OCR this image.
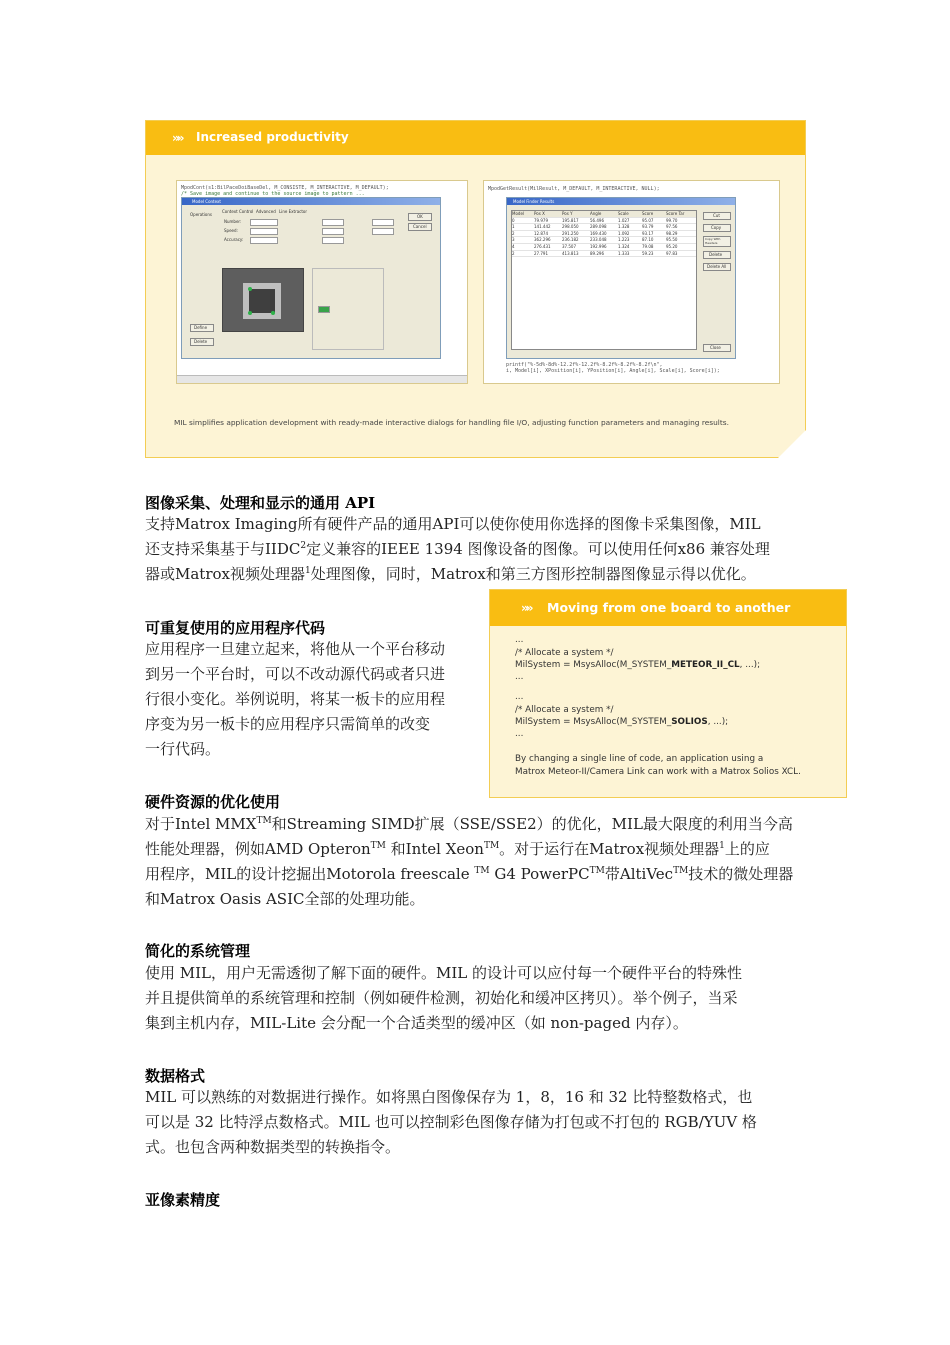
»» Increased productivity
MpodCont(s1:BilPaceDoiBaseDel, M_CONSISTE, M_INTERACTIVE, M_DEFAULT);
/* Save image and continue to the source image to pattern ...
Model Context
Operations
Context Control Advanced Line Extractor
Number:
Speed:
Accuracy:
OK
Cancel
Delete
Define
MpodGetResult(MilResult, M_DEFAULT, M_INTERACTIVE, NULL);
Model Finder Results
Model Pos X	Pos Y	Angle	Scale	Score	Score Tar
0	79.979	195.817	56.496	1.027	95.07	99.70
1	141.442	298.050	289.098	1.328	93.79	97.56
2	12.874	291.250	169.430	1.092	93.17	98.29
3	362.296	236.182	233.048	1.223	87.10	95.50
4	276.431	37.507	192.996	1.324	79.08	95.20
2	27.791	413.813	89.296	1.333	59.23	97.83
Cut
Copy
Copy With Headers
Delete
Delete All
Close
printf("%-5d%-8d%-12.2f%-12.2f%-8.2f%-8.2f%-8.2f\n",
i, Model[i], XPosition[i], YPosition[i], Angle[i], Scale[i], Score[i]);
MIL simplifies application development with ready-made interactive dialogs for handling file I/O, adjusting function parameters and managing results.
图像采集、处理和显示的通用 API
支持Matrox Imaging所有硬件产品的通用API可以使你使用你选择的图像卡采集图像，MIL
还支持采集基于与IIDC$^2$定义兼容的IEEE 1394 图像设备的图像。可以使用任何x86 兼容处理
器或Matrox视频处理器$^1$处理图像，同时，Matrox和第三方图形控制器图像显示得以优化。
可重复使用的应用程序代码
应用程序一旦建立起来，将他从一个平台移动
到另一个平台时，可以不改动源代码或者只进
行很小变化。举例说明，将某一板卡的应用程
序变为另一板卡的应用程序只需简单的改变
一行代码。
»» Moving from one board to another
...
/* Allocate a system */
MilSystem = MsysAlloc(M_SYSTEM_METEOR_II_CL, ...);
...
...
/* Allocate a system */
MilSystem = MsysAlloc(M_SYSTEM_SOLIOS, ...);
...
By changing a single line of code, an application using a
Matrox Meteor-II/Camera Link can work with a Matrox Solios XCL.
硬件资源的优化使用
对于Intel MMX™和Streaming SIMD扩展（SSE/SSE2）的优化，MIL最大限度的利用当今高
性能处理器，例如AMD Opteron™ 和Intel Xeon™。对于运行在Matrox视频处理器$^1$上的应
用程序，MIL的设计挖掘出Motorola freescale ™ G4 PowerPC™带AltiVec™技术的微处理器
和Matrox Oasis ASIC全部的处理功能。
简化的系统管理
使用 MIL，用户无需透彻了解下面的硬件。MIL 的设计可以应付每一个硬件平台的特殊性
并且提供简单的系统管理和控制（例如硬件检测，初始化和缓冲区拷贝）。举个例子，当采
集到主机内存，MIL-Lite 会分配一个合适类型的缓冲区（如 non-paged 内存）。
数据格式
MIL 可以熟练的对数据进行操作。如将黑白图像保存为 1，8，16 和 32 比特整数格式，也
可以是 32 比特浮点数格式。MIL 也可以控制彩色图像存储为打包或不打包的 RGB/YUV 格
式。也包含两种数据类型的转换指令。
亚像素精度
